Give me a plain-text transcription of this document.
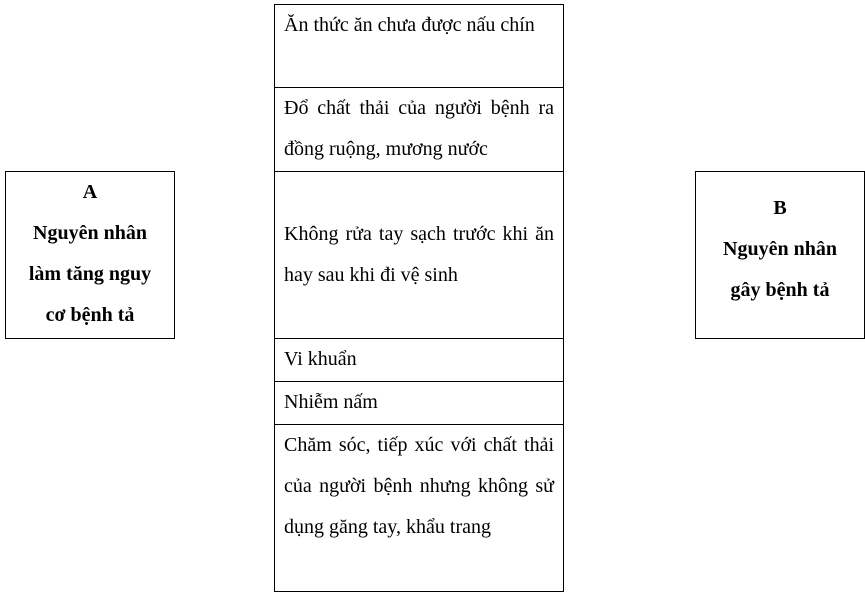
A
Nguyên nhân
làm tăng nguy
cơ bệnh tả
Ăn thức ăn chưa được nấu chín
Đổ chất thải của người bệnh ra đồng ruộng, mương nước
Không rửa tay sạch trước khi ăn hay sau khi đi vệ sinh
Vi khuẩn
Nhiễm nấm
Chăm sóc, tiếp xúc với chất thải của người bệnh nhưng không sử dụng găng tay, khẩu trang
B
Nguyên nhân
gây bệnh tả
